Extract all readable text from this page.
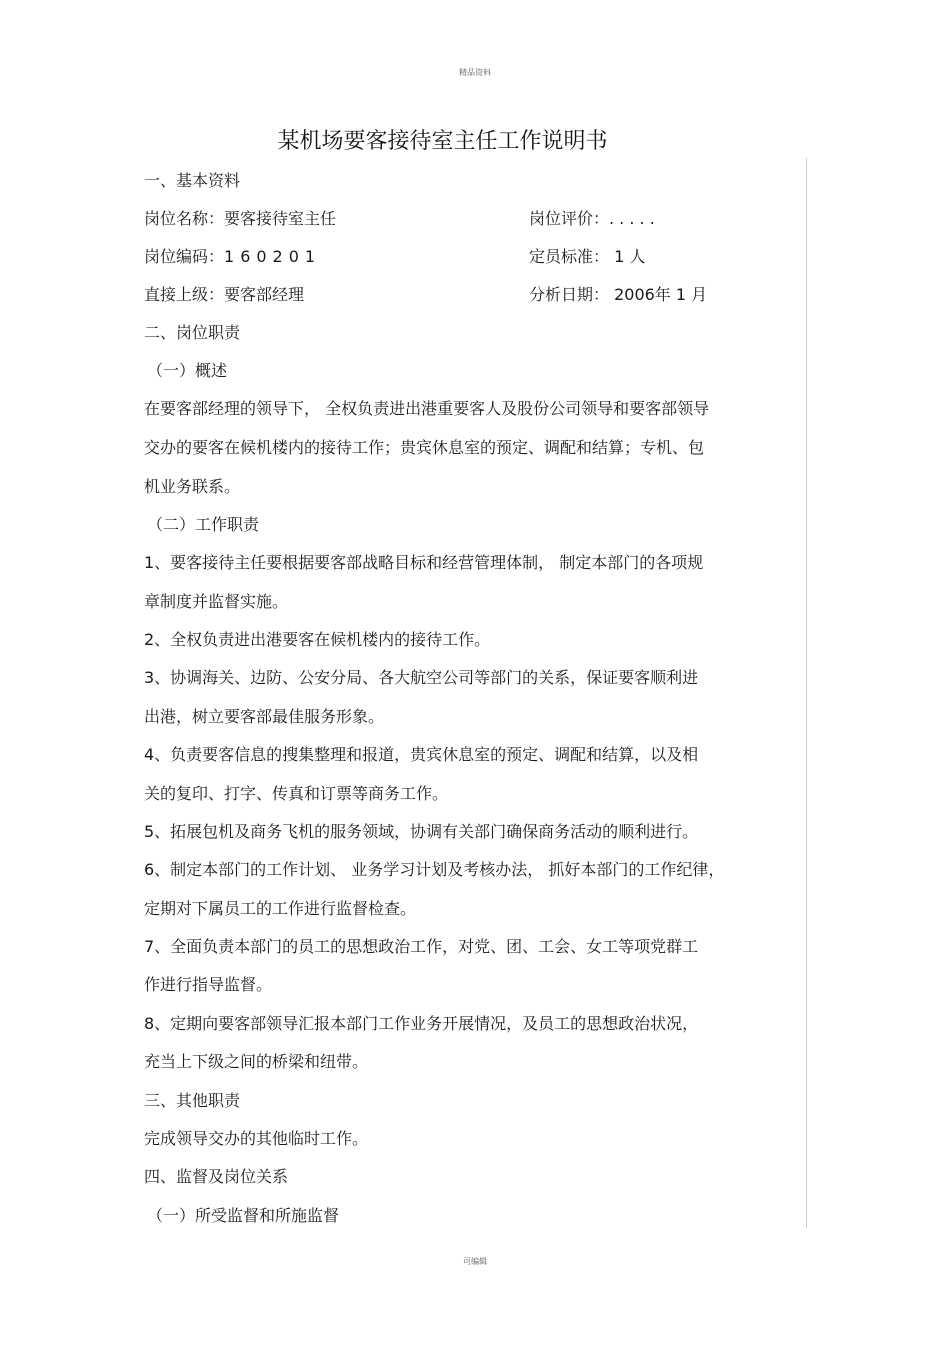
精品资料
某机场要客接待室主任工作说明书
一、基本资料
岗位名称：要客接待室主任	岗位评价：. . . . .
岗位编码：160201	定员标准： 1 人
直接上级：要客部经理	分析日期： 2006年 1 月
二、岗位职责
（一）概述
在要客部经理的领导下， 全权负责进出港重要客人及股份公司领导和要客部领导
交办的要客在候机楼内的接待工作；贵宾休息室的预定、调配和结算；专机、包
机业务联系。
（二）工作职责
1、要客接待主任要根据要客部战略目标和经营管理体制， 制定本部门的各项规
章制度并监督实施。
2、全权负责进出港要客在候机楼内的接待工作。
3、协调海关、边防、公安分局、各大航空公司等部门的关系，保证要客顺利进
出港，树立要客部最佳服务形象。
4、负责要客信息的搜集整理和报道，贵宾休息室的预定、调配和结算，以及相
关的复印、打字、传真和订票等商务工作。
5、拓展包机及商务飞机的服务领域，协调有关部门确保商务活动的顺利进行。
6、制定本部门的工作计划、 业务学习计划及考核办法， 抓好本部门的工作纪律，
定期对下属员工的工作进行监督检查。
7、全面负责本部门的员工的思想政治工作，对党、团、工会、女工等项党群工
作进行指导监督。
8、定期向要客部领导汇报本部门工作业务开展情况，及员工的思想政治状况，
充当上下级之间的桥梁和纽带。
三、其他职责
完成领导交办的其他临时工作。
四、监督及岗位关系
（一）所受监督和所施监督
可编辑
